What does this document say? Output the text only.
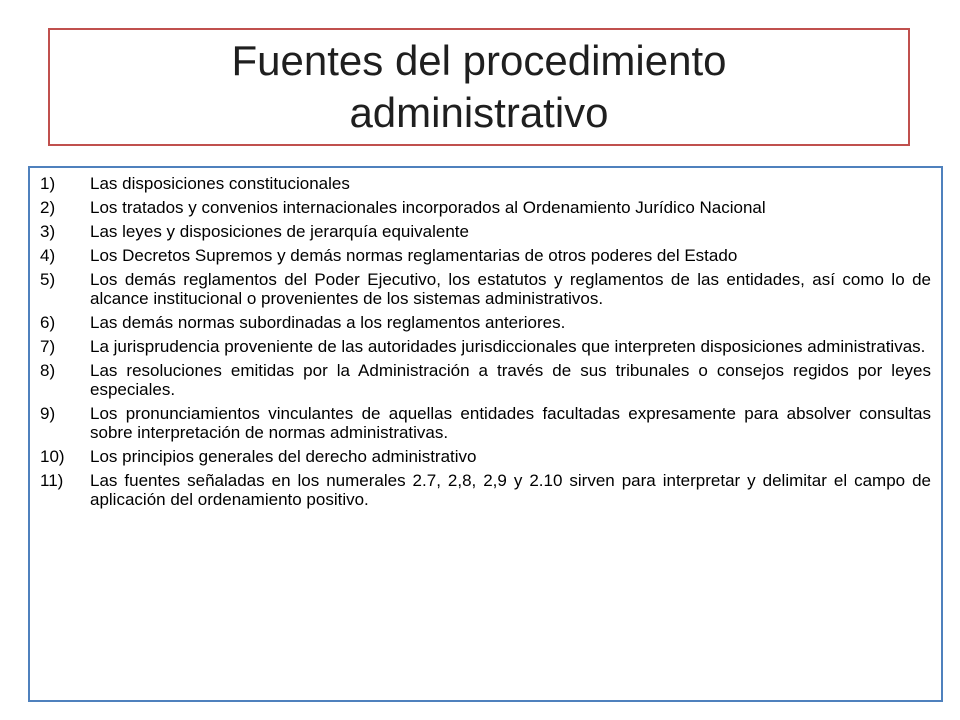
Fuentes del procedimiento administrativo
1)	Las disposiciones constitucionales
2)	Los tratados y convenios internacionales incorporados al Ordenamiento Jurídico Nacional
3)	Las leyes y disposiciones de jerarquía equivalente
4)	Los Decretos Supremos y demás normas reglamentarias de otros poderes del Estado
5)	Los demás reglamentos del Poder Ejecutivo, los estatutos y reglamentos de las entidades, así como lo de alcance institucional o provenientes de los sistemas administrativos.
6)	Las demás normas subordinadas a los reglamentos anteriores.
7)	La jurisprudencia proveniente de las autoridades jurisdiccionales que interpreten disposiciones administrativas.
8)	Las resoluciones emitidas por la Administración a través de sus tribunales o consejos regidos por leyes especiales.
9)	Los pronunciamientos vinculantes de aquellas entidades facultadas expresamente para absolver consultas sobre interpretación de normas administrativas.
10)	Los principios generales del derecho administrativo
11)	Las fuentes señaladas en los numerales 2.7, 2,8, 2,9 y 2.10 sirven para interpretar y delimitar el campo de aplicación del ordenamiento positivo.
